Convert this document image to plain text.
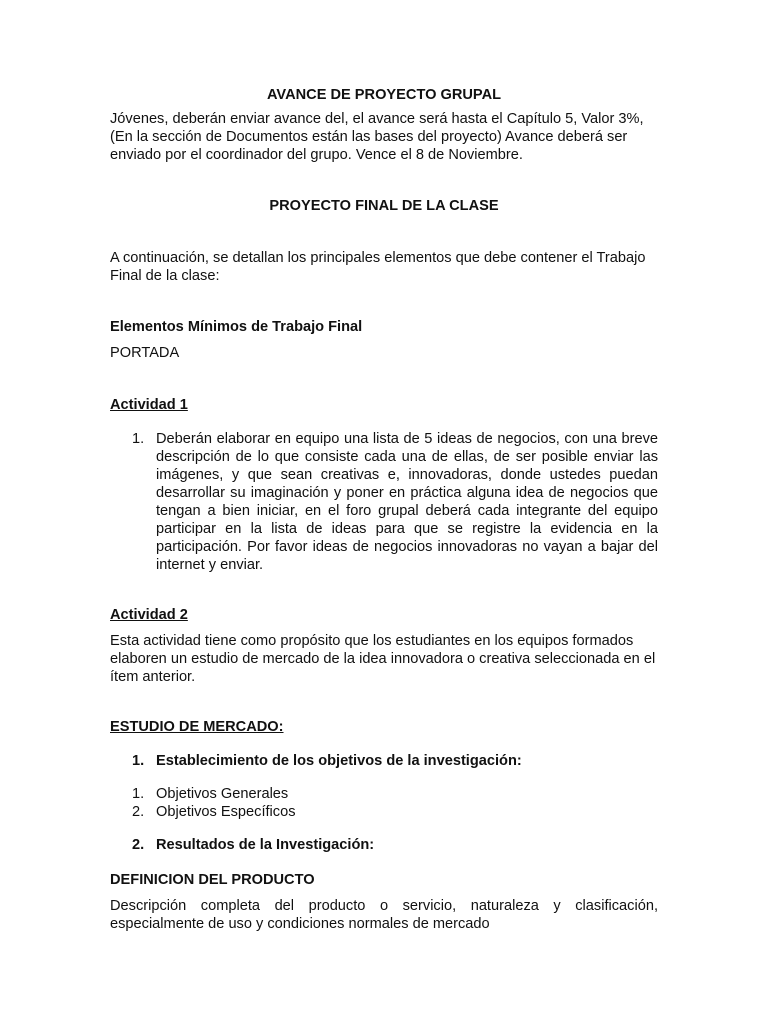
AVANCE DE PROYECTO GRUPAL
Jóvenes, deberán enviar avance del, el avance será hasta el Capítulo 5, Valor 3%, (En la sección de Documentos están las bases del proyecto) Avance deberá ser enviado por el coordinador del grupo. Vence el 8 de Noviembre.
PROYECTO FINAL DE LA CLASE
A continuación, se detallan los principales elementos que debe contener el Trabajo Final de la clase:
Elementos Mínimos de Trabajo Final
PORTADA
Actividad 1
1. Deberán elaborar en equipo una lista de 5 ideas de negocios, con una breve descripción de lo que consiste cada una de ellas, de ser posible enviar las imágenes, y que sean creativas e, innovadoras, donde ustedes puedan desarrollar su imaginación y poner en práctica alguna idea de negocios que tengan a bien iniciar, en el foro grupal deberá cada integrante del equipo participar en la lista de ideas para que se registre la evidencia en la participación. Por favor ideas de negocios innovadoras no vayan a bajar del internet y enviar.
Actividad 2
Esta actividad tiene como propósito que los estudiantes en los equipos formados elaboren un estudio de mercado de la idea innovadora o creativa seleccionada en el ítem anterior.
ESTUDIO DE MERCADO:
1. Establecimiento de los objetivos de la investigación:
1. Objetivos Generales
2. Objetivos Específicos
2. Resultados de la Investigación:
DEFINICION DEL PRODUCTO
Descripción completa del producto o servicio, naturaleza y clasificación, especialmente de uso y condiciones normales de mercado
